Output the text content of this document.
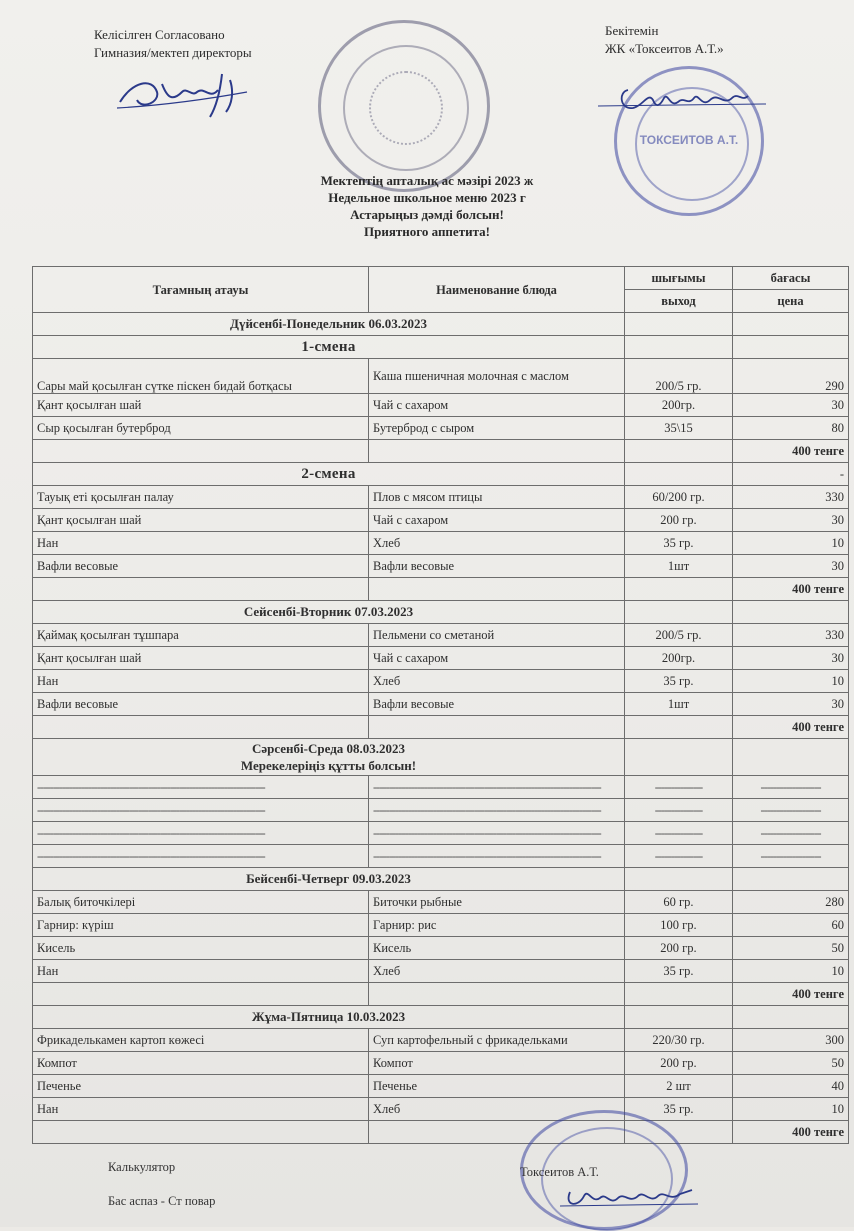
Келісілген Согласовано
Гимназия/мектеп директоры
Бекітемін
ЖК «Токсеитов А.Т.»
ТОКСЕИТОВ А.Т.
Мектептің апталық ас мәзірі 2023 ж
Недельное школьное меню 2023 г
Астарыңыз дәмді болсын!
Приятного аппетита!
Тағамның атауы	Наименование блюда	шығымы	бағасы
		выход	цена
Дүйсенбі-Понедельник 06.03.2023			
1-смена			
Сары май қосылған сүтке піскен бидай ботқасы	Каша пшеничная молочная с маслом	200/5 гр.	290
Қант қосылған шай	Чай с сахаром	200гр.	30
Сыр қосылған бутерброд	Бутерброд с сыром	35\15	80
			400 тенге
2-смена			-
Тауық еті қосылған палау	Плов с мясом птицы	60/200 гр.	330
Қант қосылған шай	Чай с сахаром	200 гр.	30
Нан	Хлеб	35 гр.	10
Вафли весовые	Вафли весовые	1шт	30
			400 тенге
Сейсенбі-Вторник 07.03.2023			
Қаймақ қосылған тұшпара	Пельмени со сметаной	200/5 гр.	330
Қант қосылған шай	Чай с сахаром	200гр.	30
Нан	Хлеб	35 гр.	10
Вафли весовые	Вафли весовые	1шт	30
			400 тенге

Сәрсенбі-Среда 08.03.2023
Мерекелеріңіз құтты болсын!			

------------------------------------------------------------------------	------------------------------------------------------------------------	---------------	-------------------
------------------------------------------------------------------------	------------------------------------------------------------------------	---------------	-------------------
------------------------------------------------------------------------	------------------------------------------------------------------------	---------------	-------------------
------------------------------------------------------------------------	------------------------------------------------------------------------	---------------	-------------------
Бейсенбі-Четверг 09.03.2023			
Балық биточкілері	Биточки рыбные	60 гр.	280
Гарнир: күріш	Гарнир: рис	100 гр.	60
Кисель	Кисель	200 гр.	50
Нан	Хлеб	35 гр.	10
			400 тенге
Жұма-Пятница 10.03.2023			
Фрикаделькамен картоп көжесі	Суп картофельный с фрикадельками	220/30 гр.	300
Компот	Компот	200 гр.	50
Печенье	Печенье	2 шт	40
Нан	Хлеб	35 гр.	10
			400 тенге
Калькулятор
Бас аспаз - Ст повар
Токсеитов А.Т.
